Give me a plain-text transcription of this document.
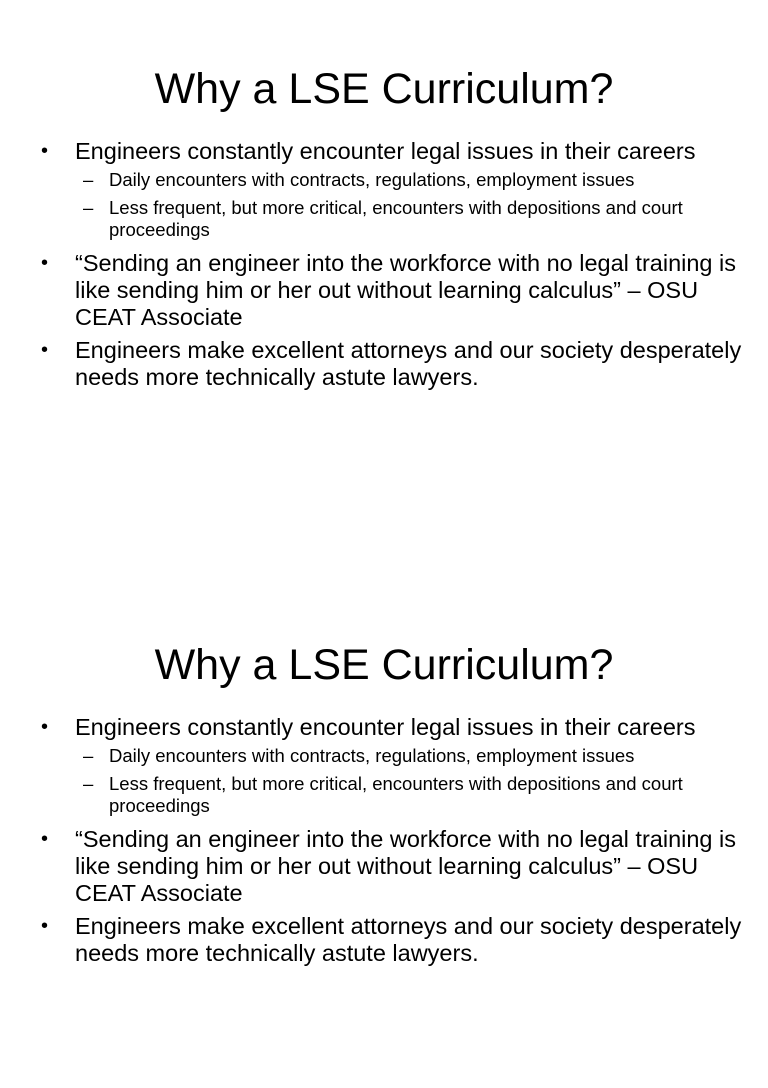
Why a LSE Curriculum?
•	Engineers constantly encounter legal issues in their careers
– Daily encounters with contracts, regulations, employment issues
– Less frequent, but more critical, encounters with depositions and court proceedings
•	“Sending an engineer into the workforce with no legal training is like sending him or her out without learning calculus” – OSU CEAT Associate
•	Engineers make excellent attorneys and our society desperately needs more technically astute lawyers.
Why a LSE Curriculum?
•	Engineers constantly encounter legal issues in their careers
– Daily encounters with contracts, regulations, employment issues
– Less frequent, but more critical, encounters with depositions and court proceedings
•	“Sending an engineer into the workforce with no legal training is like sending him or her out without learning calculus” – OSU CEAT Associate
•	Engineers make excellent attorneys and our society desperately needs more technically astute lawyers.
